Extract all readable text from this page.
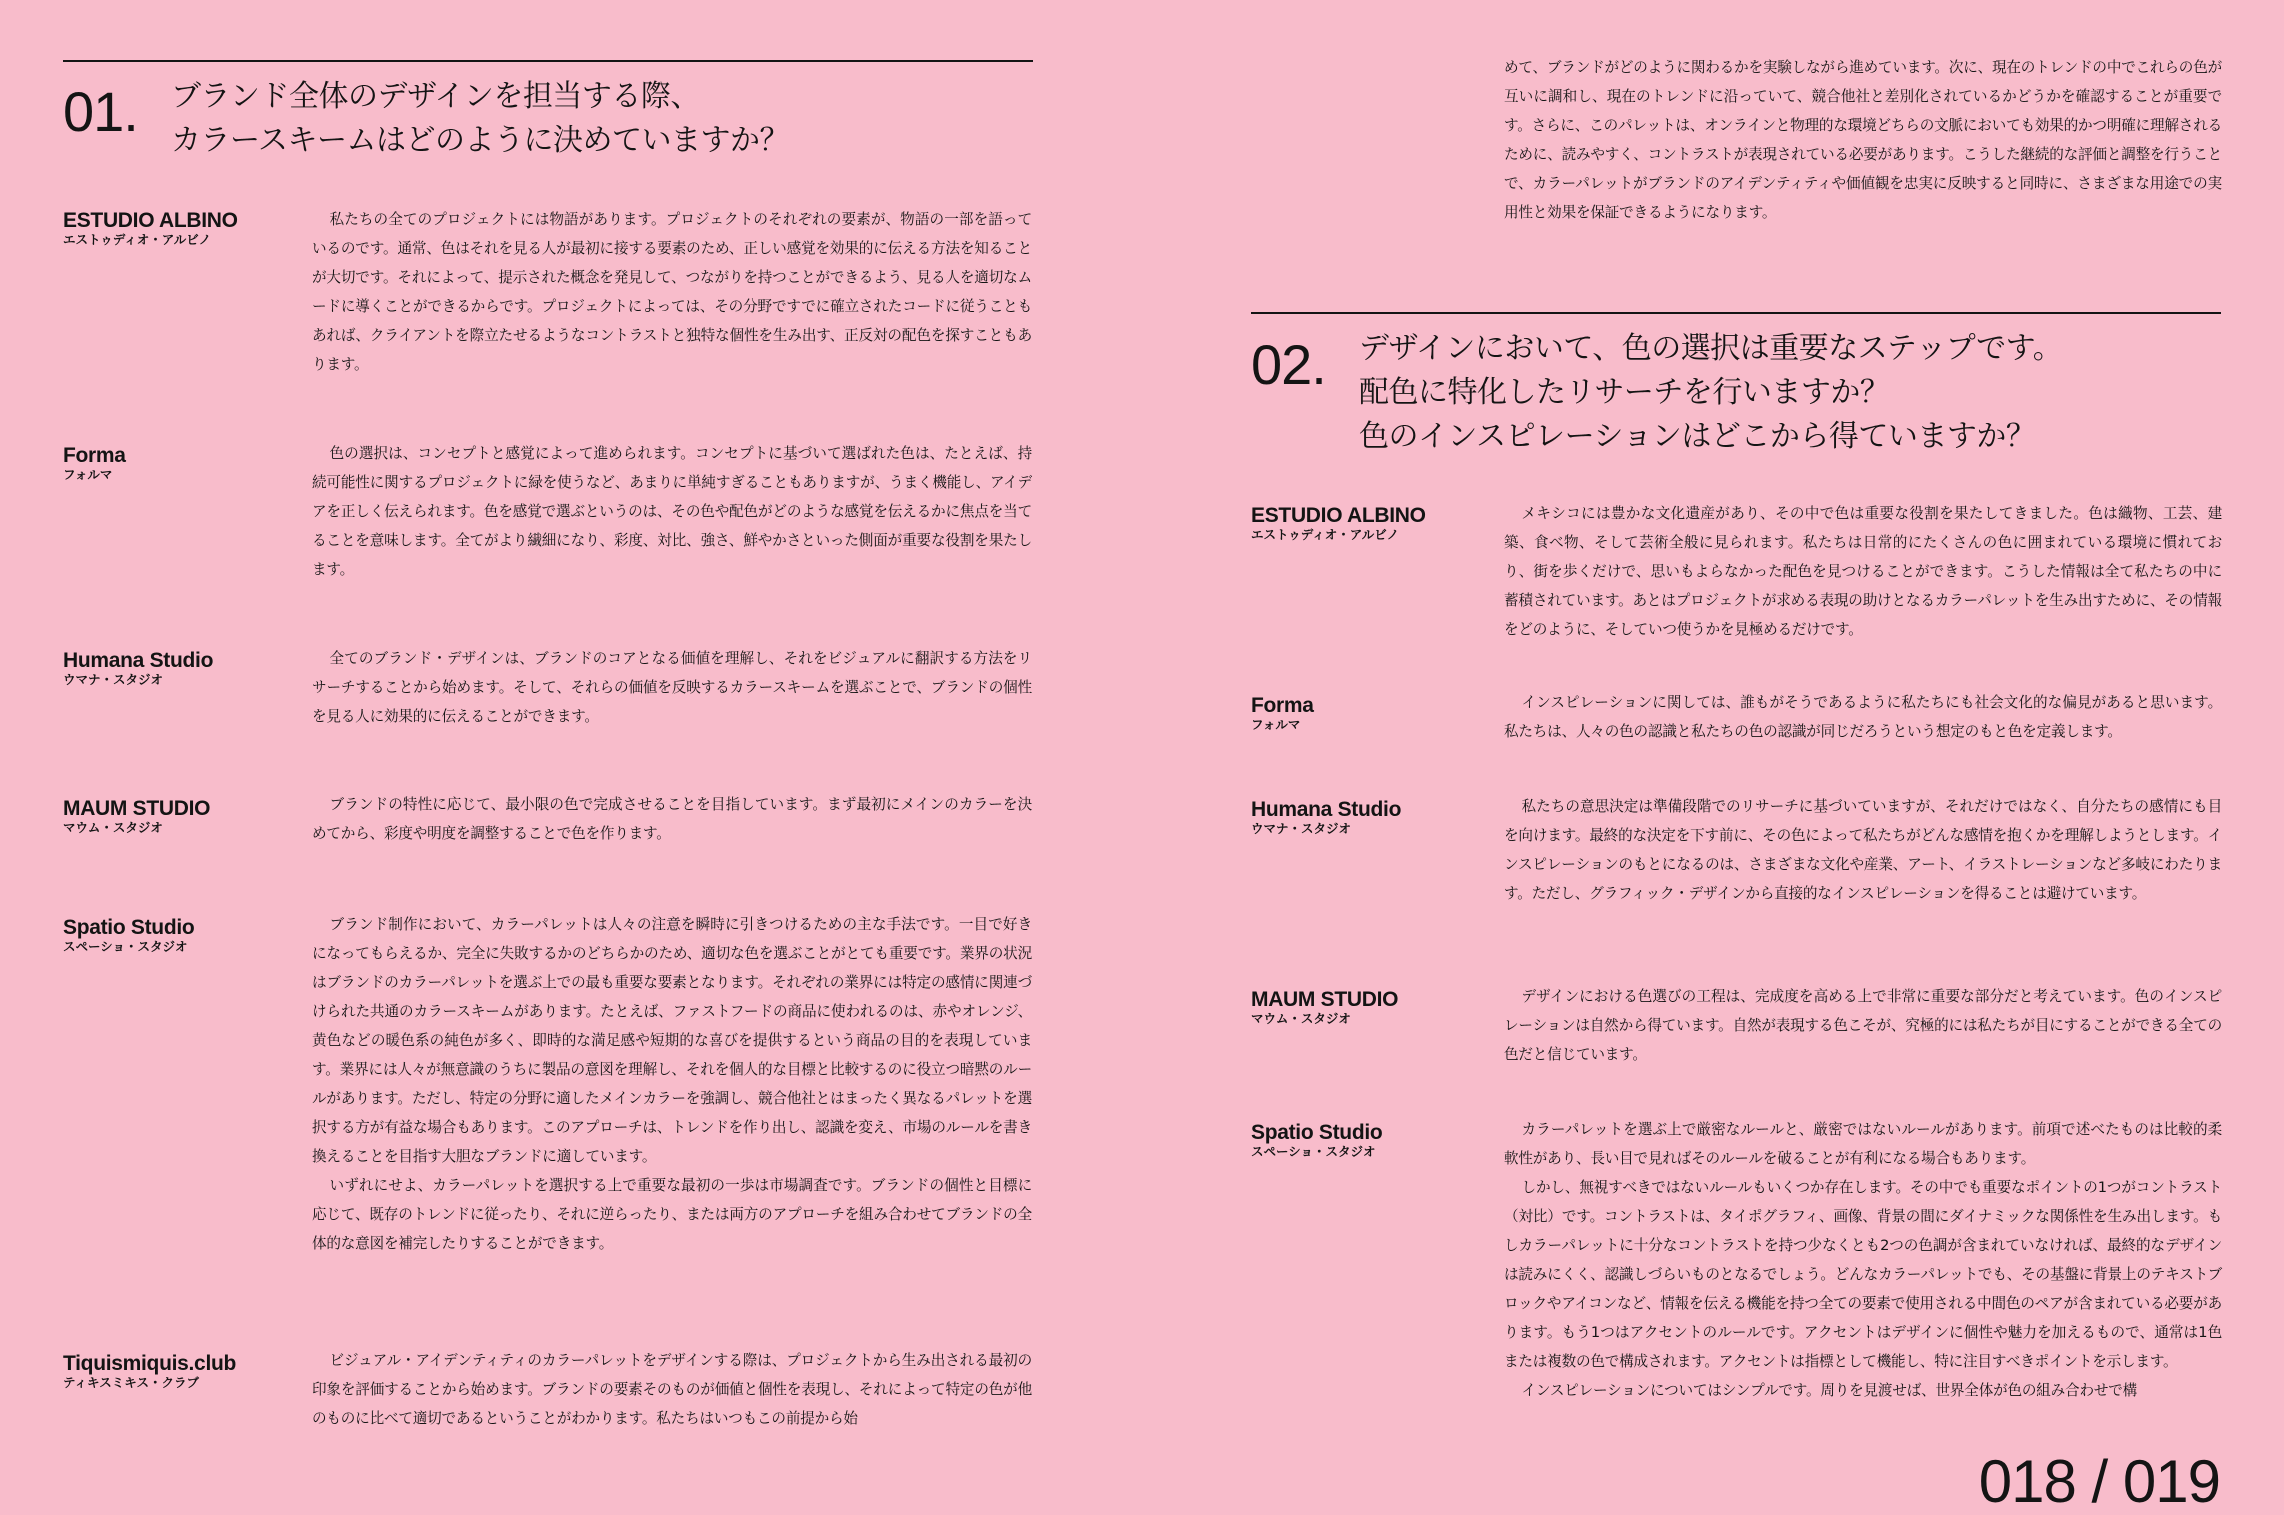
01. ブランド全体のデザインを担当する際、
カラースキームはどのように決めていますか？
ESTUDIO ALBINO
エストゥディオ・アルビノ

私たちの全てのプロジェクトには物語があります。プロジェクトのそれぞれの要素が、物語の一部を語っているのです。通常、色はそれを見る人が最初に接する要素のため、正しい感覚を効果的に伝える方法を知ることが大切です。それによって、提示された概念を発見して、つながりを持つことができるよう、見る人を適切なムードに導くことができるからです。プロジェクトによっては、その分野ですでに確立されたコードに従うこともあれば、クライアントを際立たせるようなコントラストと独特な個性を生み出す、正反対の配色を探すこともあります。

Forma
フォルマ

色の選択は、コンセプトと感覚によって進められます。コンセプトに基づいて選ばれた色は、たとえば、持続可能性に関するプロジェクトに緑を使うなど、あまりに単純すぎることもありますが、うまく機能し、アイデアを正しく伝えられます。色を感覚で選ぶというのは、その色や配色がどのような感覚を伝えるかに焦点を当てることを意味します。全てがより繊細になり、彩度、対比、強さ、鮮やかさといった側面が重要な役割を果たします。

Humana Studio
ウマナ・スタジオ

全てのブランド・デザインは、ブランドのコアとなる価値を理解し、それをビジュアルに翻訳する方法をリサーチすることから始めます。そして、それらの価値を反映するカラースキームを選ぶことで、ブランドの個性を見る人に効果的に伝えることができます。

MAUM STUDIO
マウム・スタジオ

ブランドの特性に応じて、最小限の色で完成させることを目指しています。まず最初にメインのカラーを決めてから、彩度や明度を調整することで色を作ります。

Spatio Studio
スペーショ・スタジオ

ブランド制作において、カラーパレットは人々の注意を瞬時に引きつけるための主な手法です。一目で好きになってもらえるか、完全に失敗するかのどちらかのため、適切な色を選ぶことがとても重要です。業界の状況はブランドのカラーパレットを選ぶ上での最も重要な要素となります。それぞれの業界には特定の感情に関連づけられた共通のカラースキームがあります。たとえば、ファストフードの商品に使われるのは、赤やオレンジ、黄色などの暖色系の純色が多く、即時的な満足感や短期的な喜びを提供するという商品の目的を表現しています。業界には人々が無意識のうちに製品の意図を理解し、それを個人的な目標と比較するのに役立つ暗黙のルールがあります。ただし、特定の分野に適したメインカラーを強調し、競合他社とはまったく異なるパレットを選択する方が有益な場合もあります。このアプローチは、トレンドを作り出し、認識を変え、市場のルールを書き換えることを目指す大胆なブランドに適しています。

いずれにせよ、カラーパレットを選択する上で重要な最初の一歩は市場調査です。ブランドの個性と目標に応じて、既存のトレンドに従ったり、それに逆らったり、または両方のアプローチを組み合わせてブランドの全体的な意図を補完したりすることができます。

Tiquismiquis.club
ティキスミキス・クラブ

ビジュアル・アイデンティティのカラーパレットをデザインする際は、プロジェクトから生み出される最初の印象を評価することから始めます。ブランドの要素そのものが価値と個性を表現し、それによって特定の色が他のものに比べて適切であるということがわかります。私たちはいつもこの前提から始

めて、ブランドがどのように関わるかを実験しながら進めています。次に、現在のトレンドの中でこれらの色が互いに調和し、現在のトレンドに沿っていて、競合他社と差別化されているかどうかを確認することが重要です。さらに、このパレットは、オンラインと物理的な環境どちらの文脈においても効果的かつ明確に理解されるために、読みやすく、コントラストが表現されている必要があります。こうした継続的な評価と調整を行うことで、カラーパレットがブランドのアイデンティティや価値観を忠実に反映すると同時に、さまざまな用途での実用性と効果を保証できるようになります。

02. デザインにおいて、色の選択は重要なステップです。
配色に特化したリサーチを行いますか？
色のインスピレーションはどこから得ていますか？
ESTUDIO ALBINO
エストゥディオ・アルビノ

メキシコには豊かな文化遺産があり、その中で色は重要な役割を果たしてきました。色は織物、工芸、建築、食べ物、そして芸術全般に見られます。私たちは日常的にたくさんの色に囲まれている環境に慣れており、街を歩くだけで、思いもよらなかった配色を見つけることができます。こうした情報は全て私たちの中に蓄積されています。あとはプロジェクトが求める表現の助けとなるカラーパレットを生み出すために、その情報をどのように、そしていつ使うかを見極めるだけです。

Forma
フォルマ

インスピレーションに関しては、誰もがそうであるように私たちにも社会文化的な偏見があると思います。私たちは、人々の色の認識と私たちの色の認識が同じだろうという想定のもと色を定義します。

Humana Studio
ウマナ・スタジオ

私たちの意思決定は準備段階でのリサーチに基づいていますが、それだけではなく、自分たちの感情にも目を向けます。最終的な決定を下す前に、その色によって私たちがどんな感情を抱くかを理解しようとします。インスピレーションのもとになるのは、さまざまな文化や産業、アート、イラストレーションなど多岐にわたります。ただし、グラフィック・デザインから直接的なインスピレーションを得ることは避けています。

MAUM STUDIO
マウム・スタジオ

デザインにおける色選びの工程は、完成度を高める上で非常に重要な部分だと考えています。色のインスピレーションは自然から得ています。自然が表現する色こそが、究極的には私たちが目にすることができる全ての色だと信じています。

Spatio Studio
スペーショ・スタジオ

カラーパレットを選ぶ上で厳密なルールと、厳密ではないルールがあります。前項で述べたものは比較的柔軟性があり、長い目で見ればそのルールを破ることが有利になる場合もあります。

しかし、無視すべきではないルールもいくつか存在します。その中でも重要なポイントの1つがコントラスト（対比）です。コントラストは、タイポグラフィ、画像、背景の間にダイナミックな関係性を生み出します。もしカラーパレットに十分なコントラストを持つ少なくとも2つの色調が含まれていなければ、最終的なデザインは読みにくく、認識しづらいものとなるでしょう。どんなカラーパレットでも、その基盤に背景上のテキストブロックやアイコンなど、情報を伝える機能を持つ全ての要素で使用される中間色のペアが含まれている必要があります。もう1つはアクセントのルールです。アクセントはデザインに個性や魅力を加えるもので、通常は1色または複数の色で構成されます。アクセントは指標として機能し、特に注目すべきポイントを示します。

インスピレーションについてはシンプルです。周りを見渡せば、世界全体が色の組み合わせで構

018 / 019
